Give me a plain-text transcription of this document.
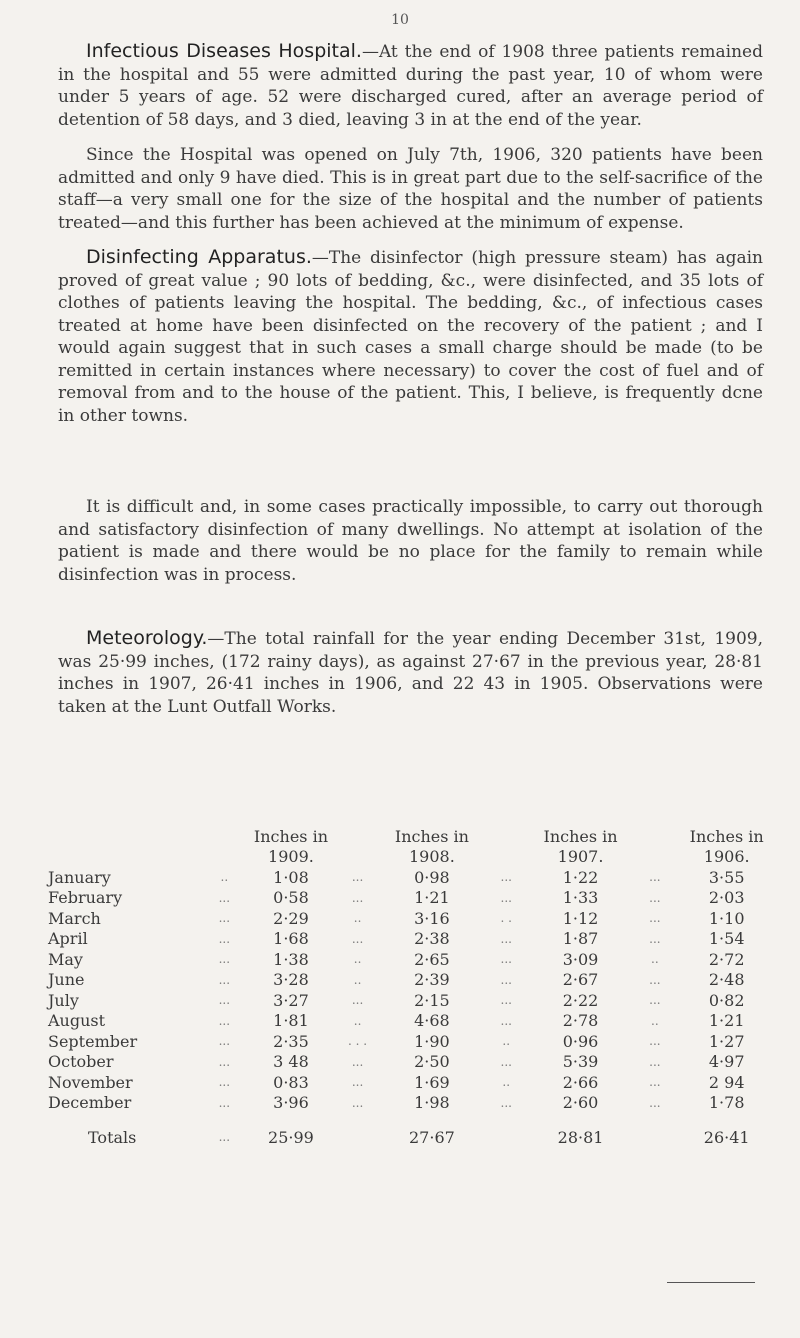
10

Infectious Diseases Hospital.—At the end of 1908 three patients remained in the hospital and 55 were admitted during the past year, 10 of whom were under 5 years of age. 52 were discharged cured, after an average period of detention of 58 days, and 3 died, leaving 3 in at the end of the year.

Since the Hospital was opened on July 7th, 1906, 320 patients have been admitted and only 9 have died. This is in great part due to the self-sacrifice of the staff—a very small one for the size of the hospital and the number of patients treated—and this further has been achieved at the minimum of expense.

Disinfecting Apparatus.—The disinfector (high pressure steam) has again proved of great value ; 90 lots of bedding, &c., were disinfected, and 35 lots of clothes of patients leaving the hospital. The bedding, &c., of infectious cases treated at home have been disinfected on the recovery of the patient ; and I would again suggest that in such cases a small charge should be made (to be remitted in certain instances where necessary) to cover the cost of fuel and of removal from and to the house of the patient. This, I believe, is frequently dcne in other towns.

It is difficult and, in some cases practically impossible, to carry out thorough and satisfactory disinfection of many dwellings. No attempt at isolation of the patient is made and there would be no place for the family to remain while disinfection was in process.

Meteorology.—The total rainfall for the year ending December 31st, 1909, was 25·99 inches, (172 rainy days), as against 27·67 in the previous year, 28·81 inches in 1907, 26·41 inches in 1906, and 22 43 in 1905. Observations were taken at the Lunt Outfall Works.

		Inches in		Inches in		Inches in		Inches in
		1909.		1908.		1907.		1906.
January	..	1·08	...	0·98	...	1·22	...	3·55
February	...	0·58	...	1·21	...	1·33	...	2·03
March	...	2·29	..	3·16	. .	1·12	...	1·10
April	...	1·68	...	2·38	...	1·87	...	1·54
May	...	1·38	..	2·65	...	3·09	..	2·72
June	...	3·28	..	2·39	...	2·67	...	2·48
July	...	3·27	...	2·15	...	2·22	...	0·82
August	...	1·81	..	4·68	...	2·78	..	1·21
September	...	2·35	. . .	1·90	..	0·96	...	1·27
October	...	3 48	...	2·50	...	5·39	...	4·97
November	...	0·83	...	1·69	..	2·66	...	2 94
December	...	3·96	...	1·98	...	2·60	...	1·78
Totals	...	25·99		27·67		28·81		26·41
